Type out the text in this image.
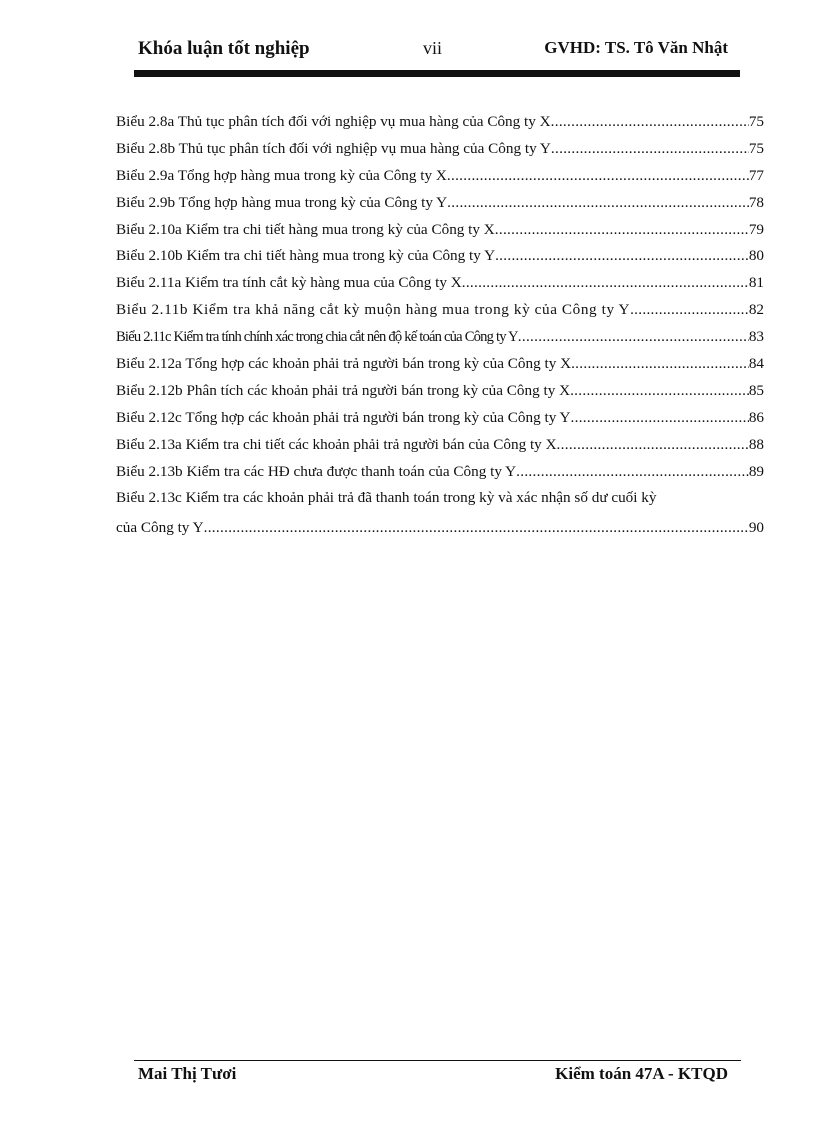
Khóa luận tốt nghiệp	vii	GVHD: TS. Tô Văn Nhật
Biểu 2.8a Thủ tục phân tích đối với nghiệp vụ mua hàng của Công ty X .....	75
Biểu 2.8b Thủ tục phân tích đối với nghiệp vụ mua hàng của Công ty Y .....	75
Biểu 2.9a Tổng hợp hàng mua trong kỳ của Công ty X .....	77
Biểu 2.9b Tổng hợp hàng mua trong kỳ của Công ty Y .....	78
Biểu 2.10a Kiểm tra chi tiết hàng mua trong kỳ của Công ty X .....	79
Biểu 2.10b Kiểm tra chi tiết hàng mua trong kỳ của Công ty Y .....	80
Biểu 2.11a Kiểm tra tính cắt kỳ hàng mua của Công ty X .....	81
Biểu 2.11b Kiểm tra khả năng cắt kỳ muộn hàng mua trong kỳ của Công ty Y .....	82
Biểu 2.11c Kiểm tra tính chính xác trong chia cắt nên độ kế toán của Công ty Y .....	83
Biểu 2.12a Tổng hợp các khoản phải trả người bán trong kỳ của Công ty X .....	84
Biểu 2.12b Phân tích các khoản phải trả người bán trong kỳ của Công ty X .....	85
Biểu 2.12c Tổng hợp các khoản phải trả người bán trong kỳ của Công ty Y .....	86
Biểu 2.13a Kiểm tra chi tiết các khoản phải trả người bán của Công ty X .....	88
Biểu 2.13b Kiểm tra các HĐ chưa được thanh toán của Công ty Y .....	89
Biểu 2.13c Kiểm tra các khoản phải trả đã thanh toán trong kỳ và xác nhận số dư cuối kỳ
của Công ty Y .....	90
Mai Thị Tươi	Kiểm toán 47A - KTQD
